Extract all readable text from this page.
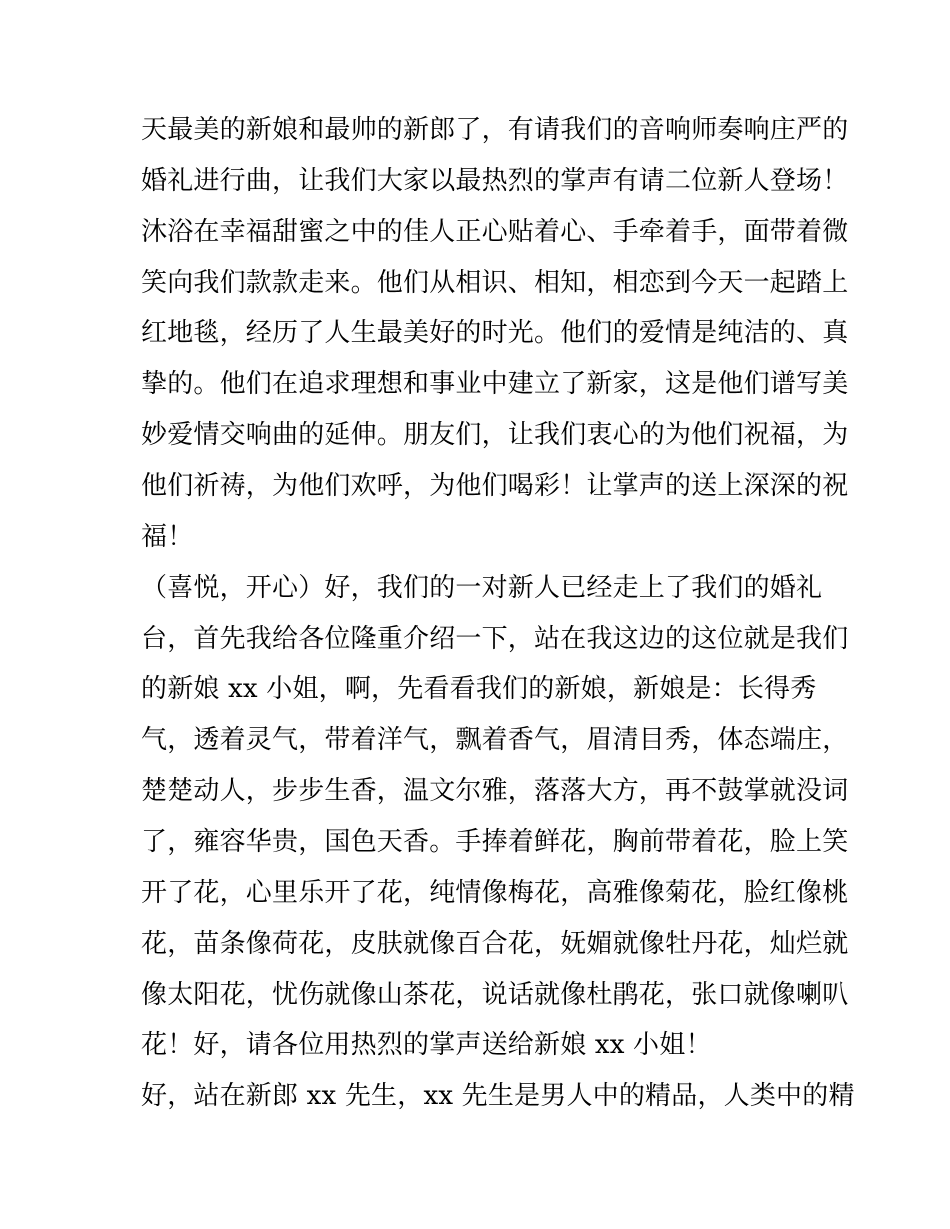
天最美的新娘和最帅的新郎了，有请我们的音响师奏响庄严的
婚礼进行曲，让我们大家以最热烈的掌声有请二位新人登场！
沐浴在幸福甜蜜之中的佳人正心贴着心、手牵着手，面带着微
笑向我们款款走来。他们从相识、相知，相恋到今天一起踏上
红地毯，经历了人生最美好的时光。他们的爱情是纯洁的、真
挚的。他们在追求理想和事业中建立了新家，这是他们谱写美
妙爱情交响曲的延伸。朋友们，让我们衷心的为他们祝福，为
他们祈祷，为他们欢呼，为他们喝彩！让掌声的送上深深的祝
福！
（喜悦，开心）好，我们的一对新人已经走上了我们的婚礼
台，首先我给各位隆重介绍一下，站在我这边的这位就是我们
的新娘 xx 小姐，啊，先看看我们的新娘，新娘是：长得秀
气，透着灵气，带着洋气，飘着香气，眉清目秀，体态端庄，
楚楚动人，步步生香，温文尔雅，落落大方，再不鼓掌就没词
了，雍容华贵，国色天香。手捧着鲜花，胸前带着花，脸上笑
开了花，心里乐开了花，纯情像梅花，高雅像菊花，脸红像桃
花，苗条像荷花，皮肤就像百合花，妩媚就像牡丹花，灿烂就
像太阳花，忧伤就像山茶花，说话就像杜鹃花，张口就像喇叭
花！好，请各位用热烈的掌声送给新娘 xx 小姐！
好，站在新郎 xx 先生，xx 先生是男人中的精品，人类中的精
